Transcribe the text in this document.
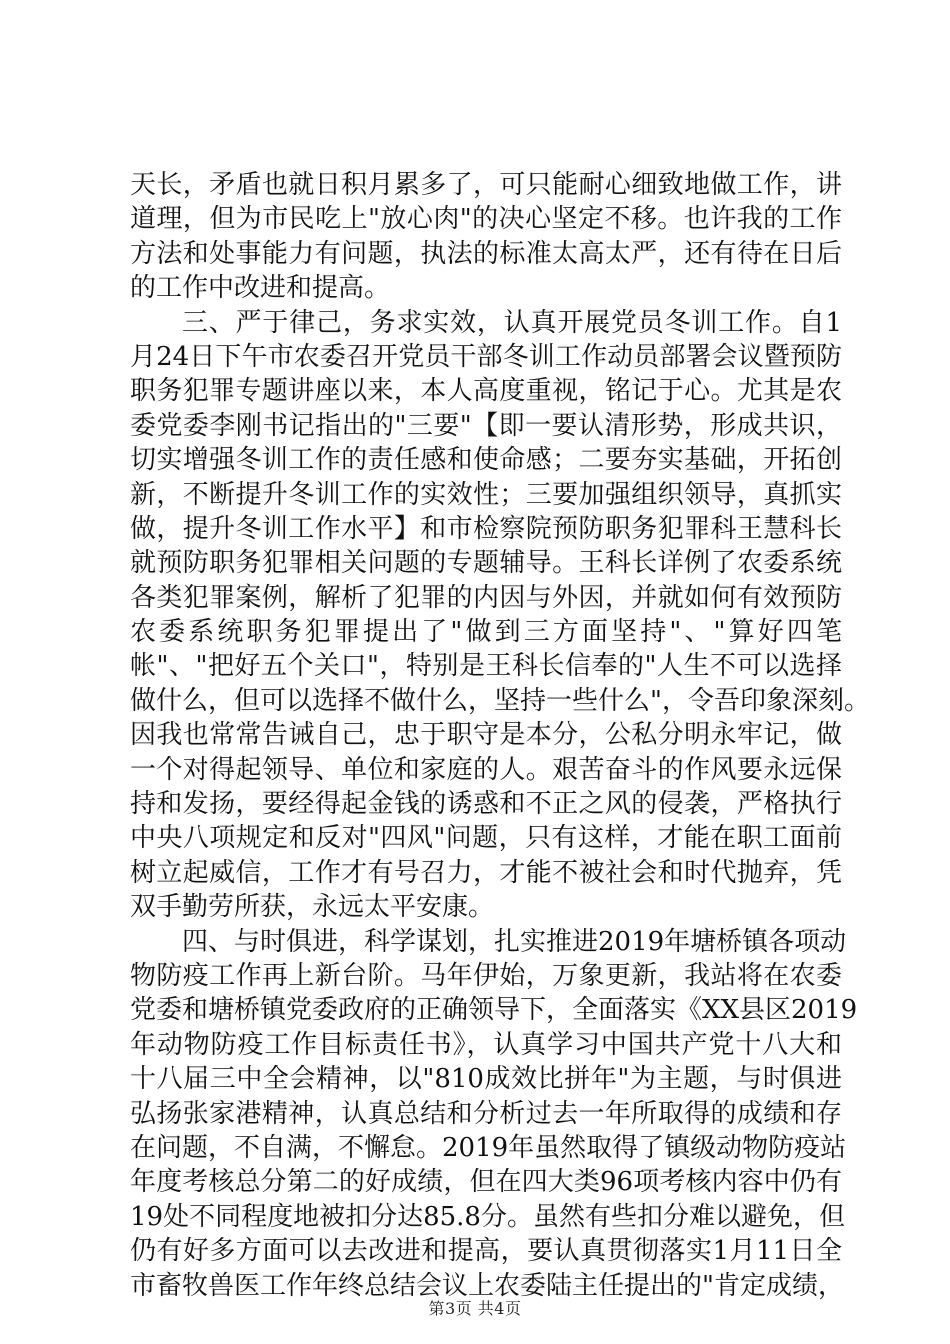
天长，矛盾也就日积月累多了，可只能耐心细致地做工作，讲

道理，但为市民吃上"放心肉"的决心坚定不移。也许我的工作

方法和处事能力有问题，执法的标准太高太严，还有待在日后

的工作中改进和提高。

三、严于律己，务求实效，认真开展党员冬训工作。自1

月24日下午市农委召开党员干部冬训工作动员部署会议暨预防

职务犯罪专题讲座以来，本人高度重视，铭记于心。尤其是农

委党委李刚书记指出的"三要"【即一要认清形势，形成共识，

切实增强冬训工作的责任感和使命感；二要夯实基础，开拓创

新，不断提升冬训工作的实效性；三要加强组织领导，真抓实

做，提升冬训工作水平】和市检察院预防职务犯罪科王慧科长

就预防职务犯罪相关问题的专题辅导。王科长详例了农委系统

各类犯罪案例，解析了犯罪的内因与外因，并就如何有效预防

农委系统职务犯罪提出了"做到三方面坚持"、"算好四笔

帐"、"把好五个关口"，特别是王科长信奉的"人生不可以选择

做什么，但可以选择不做什么，坚持一些什么"，令吾印象深刻。

因我也常常告诫自己，忠于职守是本分，公私分明永牢记，做

一个对得起领导、单位和家庭的人。艰苦奋斗的作风要永远保

持和发扬，要经得起金钱的诱惑和不正之风的侵袭，严格执行

中央八项规定和反对"四风"问题，只有这样，才能在职工面前

树立起威信，工作才有号召力，才能不被社会和时代抛弃，凭

双手勤劳所获，永远太平安康。

四、与时俱进，科学谋划，扎实推进2019年塘桥镇各项动

物防疫工作再上新台阶。马年伊始，万象更新，我站将在农委

党委和塘桥镇党委政府的正确领导下，全面落实《XX县区2019

年动物防疫工作目标责任书》，认真学习中国共产党十八大和

十八届三中全会精神，以"810成效比拼年"为主题，与时俱进

弘扬张家港精神，认真总结和分析过去一年所取得的成绩和存

在问题，不自满，不懈怠。2019年虽然取得了镇级动物防疫站

年度考核总分第二的好成绩，但在四大类96项考核内容中仍有

19处不同程度地被扣分达85.8分。虽然有些扣分难以避免，但

仍有好多方面可以去改进和提高，要认真贯彻落实1月11日全

市畜牧兽医工作年终总结会议上农委陆主任提出的"肯定成绩，

第3页 共4页
